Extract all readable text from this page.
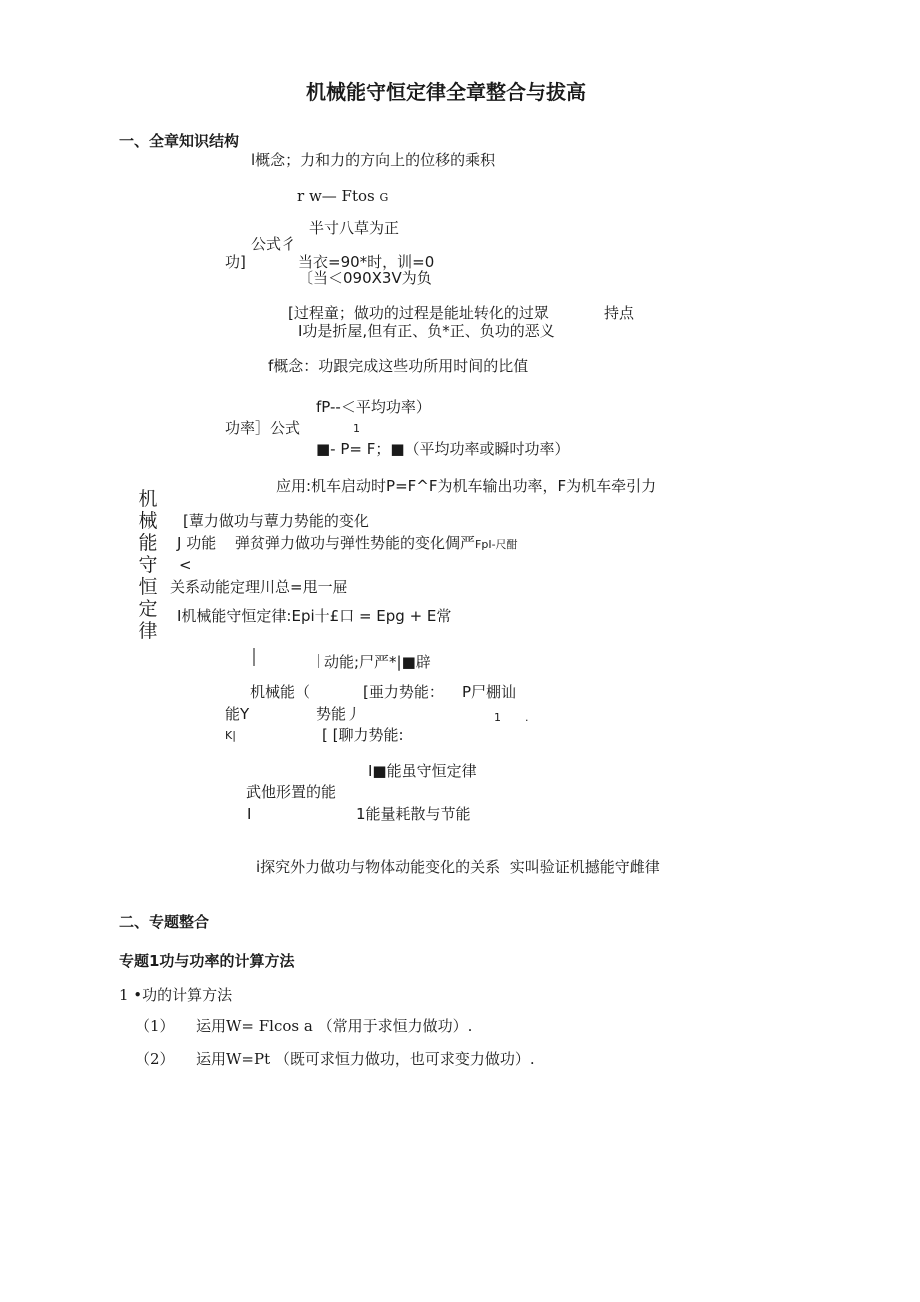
机械能守恒定律全章整合与拔高
一、全章知识结构
l概念；力和力的方向上的位移的乘积
r w— Ftos G
半寸八草为正
公式彳
功]	当衣=90*时，训=0
〔当＜090X3V为负
[过程童；做功的过程是能址转化的过眾	持点
I功是折屋,但有正、负*正、负功的恶义
f概念：功跟完成这些功所用时间的比值
fP--＜平均功率）
功率］公式	1
■- P= F；■（平均功率或瞬吋功率）
应用:机车启动时P=F^F为机车输出功率，F为机车牵引力
机
械
能
守
恒
定
律
[蕈力做功与蕈力势能的变化
J 功能 弹贫弹力做功与弹性势能的变化倜严FpI-尺酣
<
关系动能定理川总=甩一屉
I机械能守恒定律:Epi十£口 = Epg + E常
动能;尸严*|■辟
机械能（	[亜力势能： P尸棚讪
能Y	势能丿	1 .
K|	[ [聊力势能:
I■能虽守恒定律
武他形置的能
I	1能量耗散与节能
i探究外力做功与物体动能变化的关系 实叫验证机撼能守雌律
二、专题整合
专题1功与功率的计算方法
1 •功的计算方法
（1） 运用W= Flcos a （常用于求恒力做功）.
（2） 运用W=Pt （既可求恒力做功，也可求变力做功）.
